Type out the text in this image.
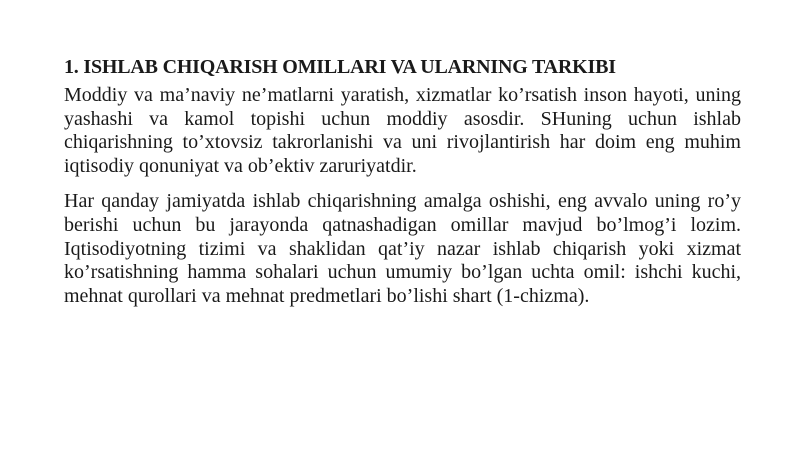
1. ISHLAB CHIQARISH OMILLARI VA ULARNING TARKIBI

Moddiy va ma’naviy ne’matlarni yaratish, xizmatlar ko’rsatish inson hayoti, uning yashashi va kamol topishi uchun moddiy asosdir. SHuning uchun ishlab chiqarishning to’xtovsiz takrorlanishi va uni rivojlantirish har doim eng muhim iqtisodiy qonuniyat va ob’ektiv zaruriyatdir.

Har qanday jamiyatda ishlab chiqarishning amalga oshishi, eng avvalo uning ro’y berishi uchun bu jarayonda qatnashadigan omillar mavjud bo’lmog’i lozim. Iqtisodiyotning tizimi va shaklidan qat’iy nazar ishlab chiqarish yoki xizmat ko’rsatishning hamma sohalari uchun umumiy bo’lgan uchta omil: ishchi kuchi, mehnat qurollari va mehnat predmetlari bo’lishi shart (1-chizma).
